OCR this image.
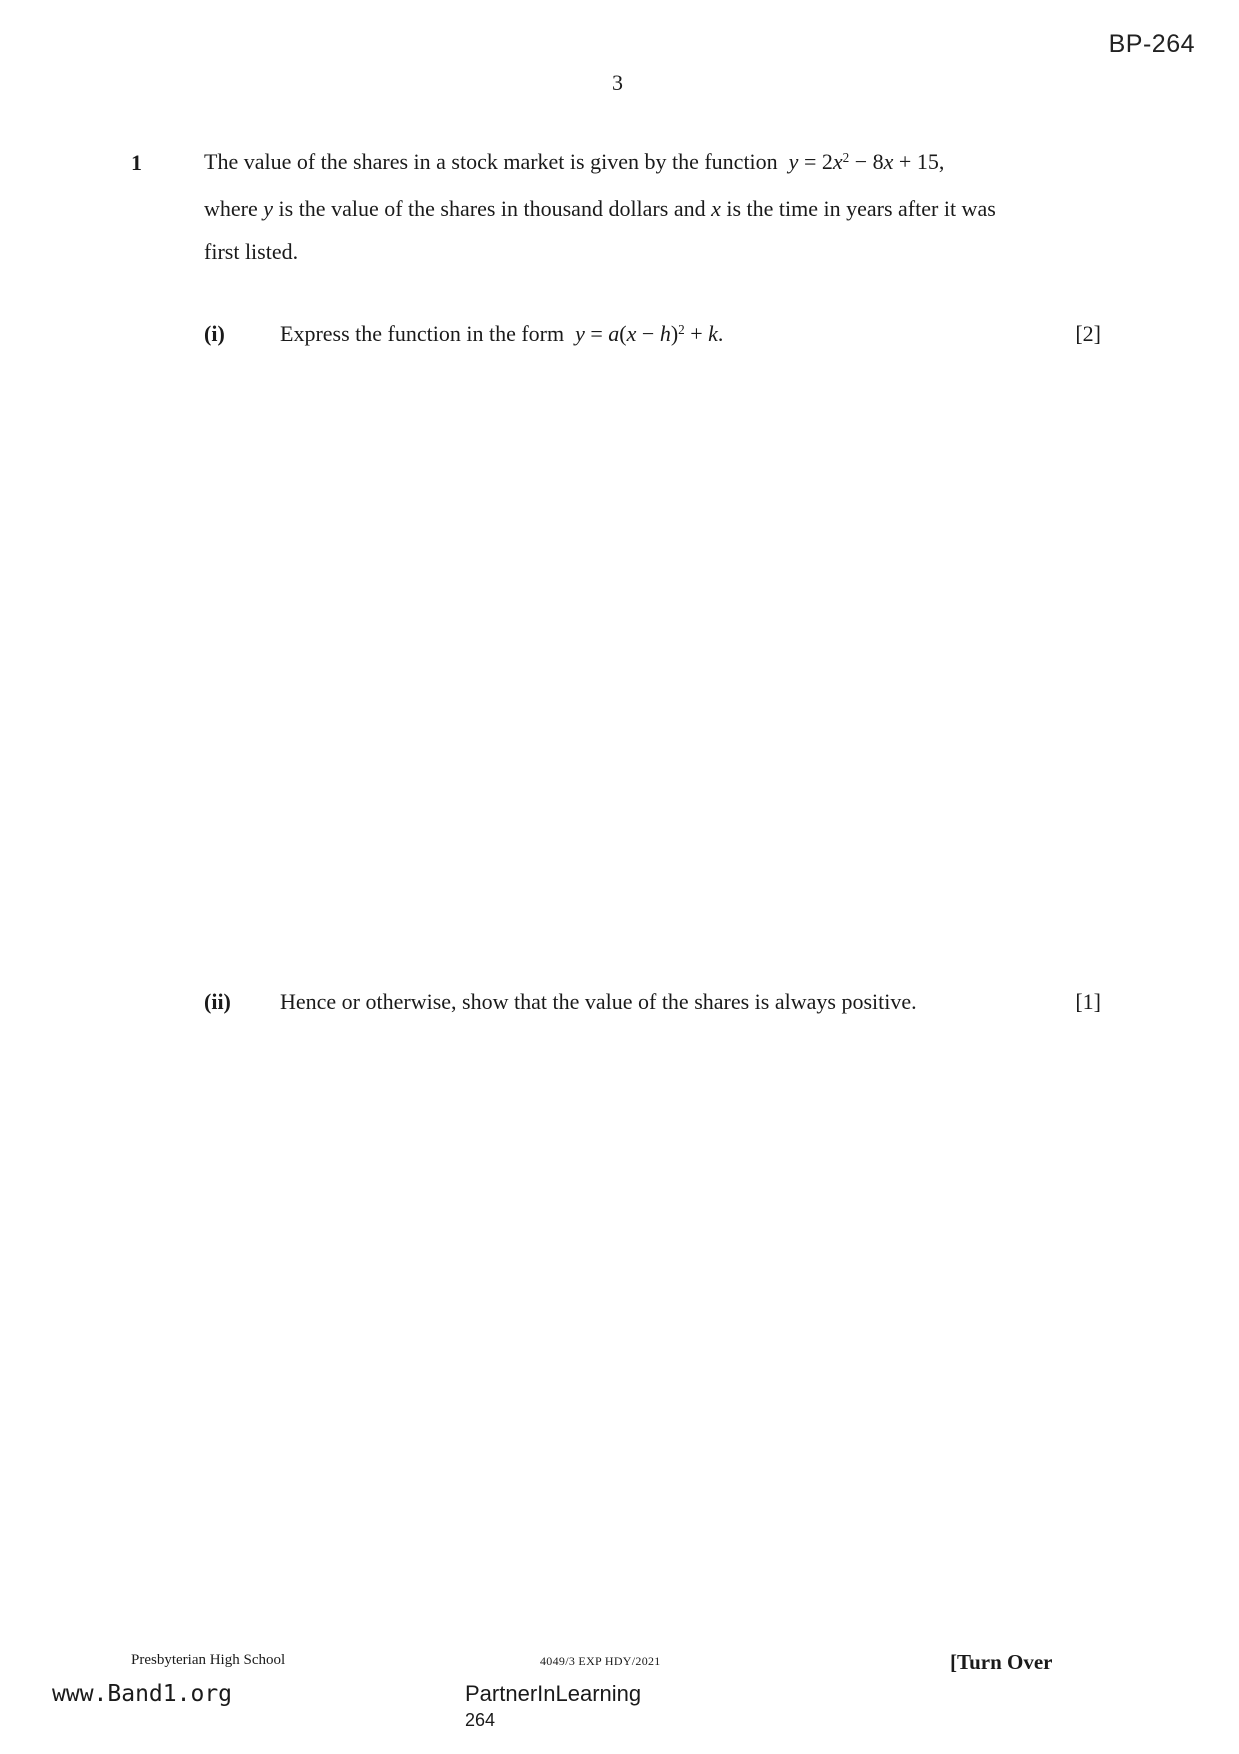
BP-264
3
1	The value of the shares in a stock market is given by the function $y = 2x^2 - 8x + 15$,
where y is the value of the shares in thousand dollars and x is the time in years after it was
first listed.
(i)	Express the function in the form $y = a(x - h)^2 + k$.	[2]
(ii) Hence or otherwise, show that the value of the shares is always positive.	[1]
Presbyterian High School	4049/3 EXP HDY/2021	[Turn Over
www.Band1.org	PartnerInLearning
264
